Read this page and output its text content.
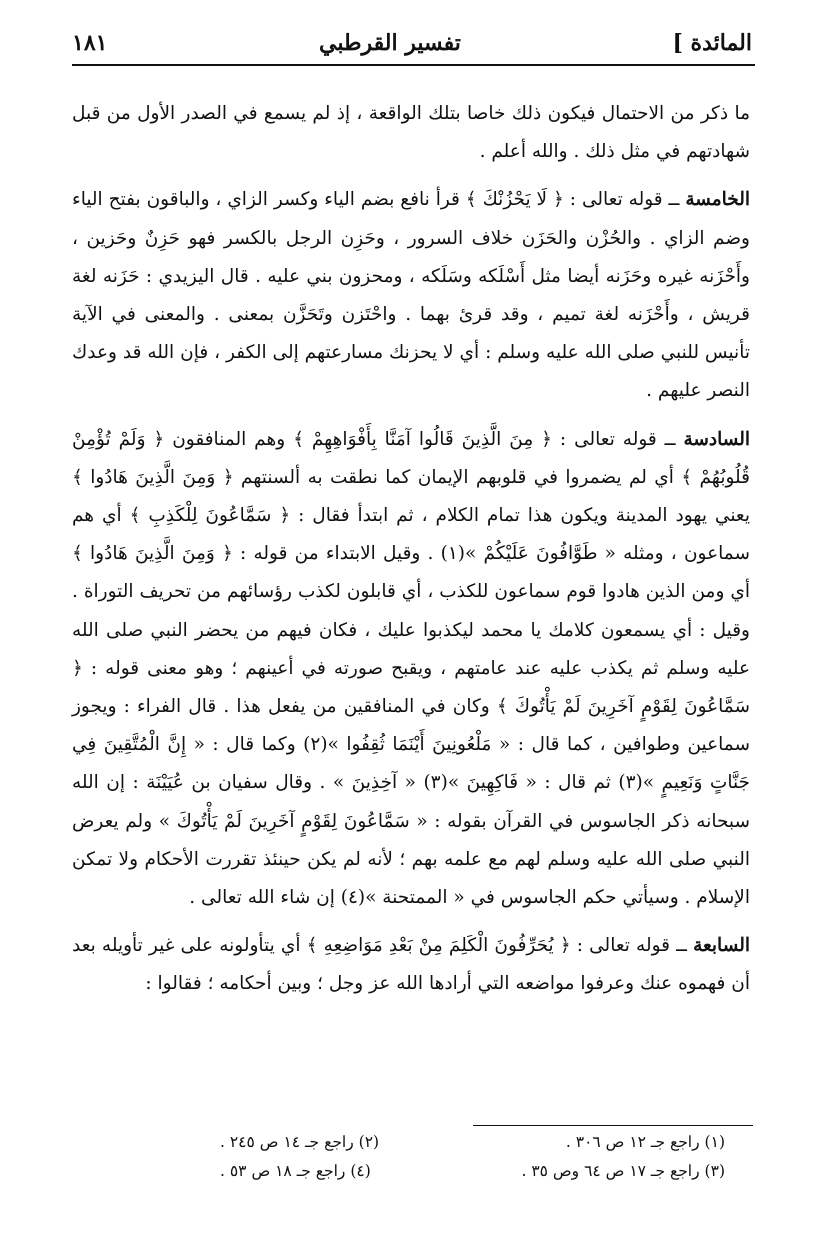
المائدة ]
تفسير القرطبي
١٨١

ما ذكر من الاحتمال فيكون ذلك خاصا بتلك الواقعة ، إذ لم يسمع في الصدر الأول من قبل شهادتهم في مثل ذلك . والله أعلم .

الخامسة ــ قوله تعالى : ﴿ لَا يَحْزُنْكَ ﴾ قرأ نافع بضم الياء وكسر الزاي ، والباقون بفتح الياء وضم الزاي . والحُزْن والحَزَن خلاف السرور ، وحَزِن الرجل بالكسر فهو حَزِنٌ وحَزين ، وأَحْزَنه غيره وحَزَنه أيضا مثل أَسْلَكه وسَلَكه ، ومحزون بني عليه . قال اليزيدي : حَزَنه لغة قريش ، وأَحْزَنه لغة تميم ، وقد قرئ بهما . واحْتَزن وتَحَزَّن بمعنى . والمعنى في الآية تأنيس للنبي صلى الله عليه وسلم : أي لا يحزنك مسارعتهم إلى الكفر ، فإن الله قد وعدك النصر عليهم .

السادسة ــ قوله تعالى : ﴿ مِنَ الَّذِينَ قَالُوا آمَنَّا بِأَفْوَاهِهِمْ ﴾ وهم المنافقون ﴿ وَلَمْ تُؤْمِنْ قُلُوبُهُمْ ﴾ أي لم يضمروا في قلوبهم الإيمان كما نطقت به ألسنتهم ﴿ وَمِنَ الَّذِينَ هَادُوا ﴾ يعني يهود المدينة ويكون هذا تمام الكلام ، ثم ابتدأ فقال : ﴿ سَمَّاعُونَ لِلْكَذِبِ ﴾ أي هم سماعون ، ومثله « طَوَّافُونَ عَلَيْكُمْ »(١) . وقيل الابتداء من قوله : ﴿ وَمِنَ الَّذِينَ هَادُوا ﴾ أي ومن الذين هادوا قوم سماعون للكذب ، أي قابلون لكذب رؤسائهم من تحريف التوراة . وقيل : أي يسمعون كلامك يا محمد ليكذبوا عليك ، فكان فيهم من يحضر النبي صلى الله عليه وسلم ثم يكذب عليه عند عامتهم ، ويقبح صورته في أعينهم ؛ وهو معنى قوله : ﴿ سَمَّاعُونَ لِقَوْمٍ آخَرِينَ لَمْ يَأْتُوكَ ﴾ وكان في المنافقين من يفعل هذا . قال الفراء : ويجوز سماعين وطوافين ، كما قال : « مَلْعُونِينَ أَيْنَمَا ثُقِفُوا »(٢) وكما قال : « إِنَّ الْمُتَّقِينَ فِي جَنَّاتٍ وَنَعِيمٍ »(٣) ثم قال : « فَاكِهِينَ »(٣) « آخِذِينَ » . وقال سفيان بن عُيَيْنَة : إن الله سبحانه ذكر الجاسوس في القرآن بقوله : « سَمَّاعُونَ لِقَوْمٍ آخَرِينَ لَمْ يَأْتُوكَ » ولم يعرض النبي صلى الله عليه وسلم لهم مع علمه بهم ؛ لأنه لم يكن حينئذ تقررت الأحكام ولا تمكن الإسلام . وسيأتي حكم الجاسوس في « الممتحنة »(٤) إن شاء الله تعالى .

السابعة ــ قوله تعالى : ﴿ يُحَرِّفُونَ الْكَلِمَ مِنْ بَعْدِ مَوَاضِعِهِ ﴾ أي يتأولونه على غير تأويله بعد أن فهموه عنك وعرفوا مواضعه التي أرادها الله عز وجل ؛ وبين أحكامه ؛ فقالوا :

(١) راجع جـ ١٢ ص ٣٠٦ .
(٢) راجع جـ ١٤ ص ٢٤٥ .
(٣) راجع جـ ١٧ ص ٦٤ وص ٣٥ .
(٤) راجع جـ ١٨ ص ٥٣ .
